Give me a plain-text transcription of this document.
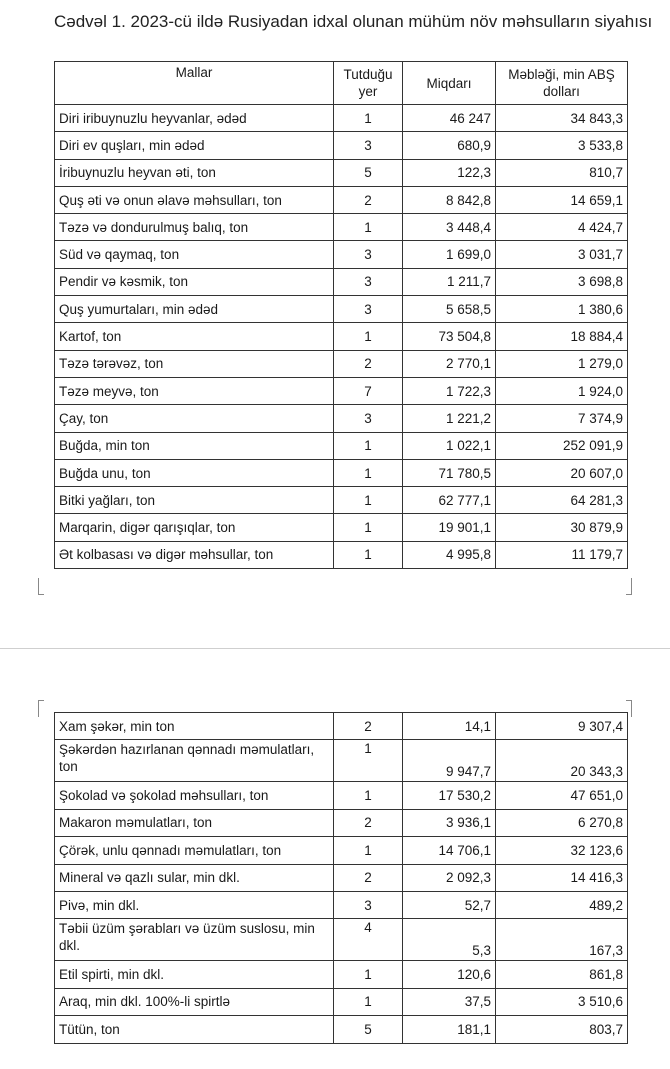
Cədvəl 1. 2023-cü ildə Rusiyadan idxal olunan mühüm növ məhsulların siyahısı
Mallar	Tutduğu yer	Miqdarı	Məbləği, min ABŞ dolları
Diri iribuynuzlu heyvanlar, ədəd	1	46 247	34 843,3
Diri ev quşları, min ədəd	3	680,9	3 533,8
İribuynuzlu heyvan əti, ton	5	122,3	810,7
Quş əti və onun əlavə məhsulları, ton	2	8 842,8	14 659,1
Təzə və dondurulmuş balıq, ton	1	3 448,4	4 424,7
Süd və qaymaq, ton	3	1 699,0	3 031,7
Pendir və kəsmik, ton	3	1 211,7	3 698,8
Quş yumurtaları, min ədəd	3	5 658,5	1 380,6
Kartof, ton	1	73 504,8	18 884,4
Təzə tərəvəz, ton	2	2 770,1	1 279,0
Təzə meyvə, ton	7	1 722,3	1 924,0
Çay, ton	3	1 221,2	7 374,9
Buğda, min ton	1	1 022,1	252 091,9
Buğda unu, ton	1	71 780,5	20 607,0
Bitki yağları, ton	1	62 777,1	64 281,3
Marqarin, digər qarışıqlar, ton	1	19 901,1	30 879,9
Ət kolbasası və digər məhsullar, ton	1	4 995,8	11 179,7
Xam şəkər, min ton	2	14,1	9 307,4
Şəkərdən hazırlanan qənnadı məmulatları, ton	1	9 947,7	20 343,3
Şokolad və şokolad məhsulları, ton	1	17 530,2	47 651,0
Makaron məmulatları, ton	2	3 936,1	6 270,8
Çörək, unlu qənnadı məmulatları, ton	1	14 706,1	32 123,6
Mineral və qazlı sular, min dkl.	2	2 092,3	14 416,3
Pivə, min dkl.	3	52,7	489,2
Təbii üzüm şərabları və üzüm suslosu, min dkl.	4	5,3	167,3
Etil spirti, min dkl.	1	120,6	861,8
Araq, min dkl. 100%-li spirtlə	1	37,5	3 510,6
Tütün, ton	5	181,1	803,7
